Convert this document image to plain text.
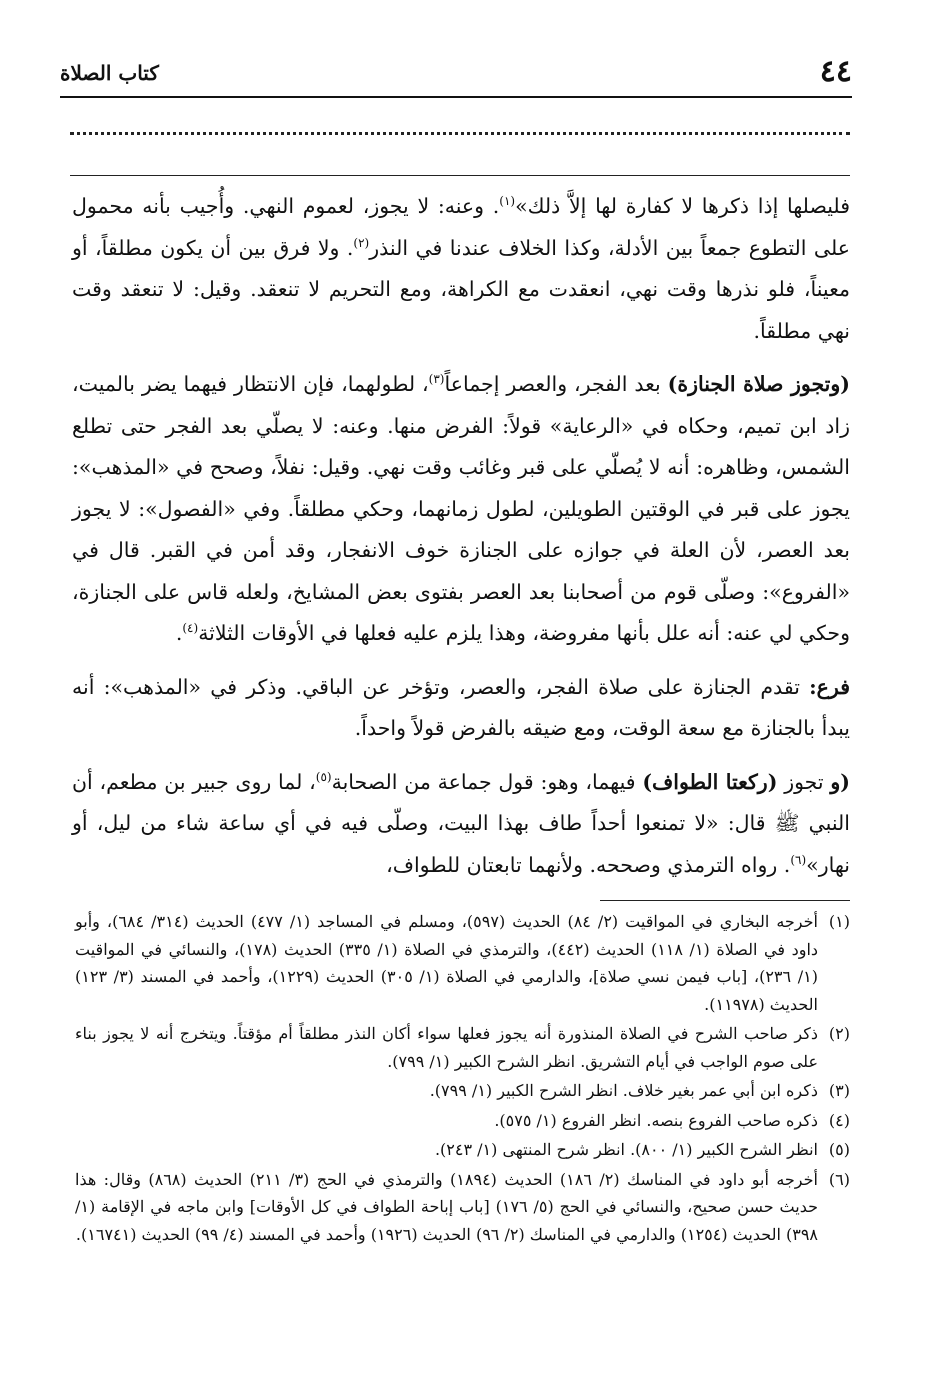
٤٤
كتاب الصلاة

فليصلها إذا ذكرها لا كفارة لها إلاَّ ذلك»$^{(١)}$. وعنه: لا يجوز، لعموم النهي. وأُجيب بأنه محمول على التطوع جمعاً بين الأدلة، وكذا الخلاف عندنا في النذر$^{(٢)}$. ولا فرق بين أن يكون مطلقاً، أو معيناً، فلو نذرها وقت نهي، انعقدت مع الكراهة، ومع التحريم لا تنعقد. وقيل: لا تنعقد وقت نهي مطلقاً.

(وتجوز صلاة الجنازة) بعد الفجر، والعصر إجماعاً$^{(٣)}$، لطولهما، فإن الانتظار فيهما يضر بالميت، زاد ابن تميم، وحكاه في «الرعاية» قولاً: الفرض منها. وعنه: لا يصلّي بعد الفجر حتى تطلع الشمس، وظاهره: أنه لا يُصلّي على قبر وغائب وقت نهي. وقيل: نفلاً، وصحح في «المذهب»: يجوز على قبر في الوقتين الطويلين، لطول زمانهما، وحكي مطلقاً. وفي «الفصول»: لا يجوز بعد العصر، لأن العلة في جوازه على الجنازة خوف الانفجار، وقد أمن في القبر. قال في «الفروع»: وصلّى قوم من أصحابنا بعد العصر بفتوى بعض المشايخ، ولعله قاس على الجنازة، وحكي لي عنه: أنه علل بأنها مفروضة، وهذا يلزم عليه فعلها في الأوقات الثلاثة$^{(٤)}$.

فرع: تقدم الجنازة على صلاة الفجر، والعصر، وتؤخر عن الباقي. وذكر في «المذهب»: أنه يبدأ بالجنازة مع سعة الوقت، ومع ضيقه بالفرض قولاً واحداً.

(و تجوز (ركعتا الطواف) فيهما، وهو: قول جماعة من الصحابة$^{(٥)}$، لما روى جبير بن مطعم، أن النبي ﷺ قال: «لا تمنعوا أحداً طاف بهذا البيت، وصلّى فيه في أي ساعة شاء من ليل، أو نهار»$^{(٦)}$. رواه الترمذي وصححه. ولأنهما تابعتان للطواف،

(١)
أخرجه البخاري في المواقيت (٢/ ٨٤) الحديث (٥٩٧)، ومسلم في المساجد (١/ ٤٧٧) الحديث (٣١٤/ ٦٨٤)، وأبو داود في الصلاة (١/ ١١٨) الحديث (٤٤٢)، والترمذي في الصلاة (١/ ٣٣٥) الحديث (١٧٨)، والنسائي في المواقيت (١/ ٢٣٦)، [باب فيمن نسي صلاة]، والدارمي في الصلاة (١/ ٣٠٥) الحديث (١٢٢٩)، وأحمد في المسند (٣/ ١٢٣) الحديث (١١٩٧٨).
(٢)
ذكر صاحب الشرح في الصلاة المنذورة أنه يجوز فعلها سواء أكان النذر مطلقاً أم مؤقتاً. ويتخرج أنه لا يجوز بناء على صوم الواجب في أيام التشريق. انظر الشرح الكبير (١/ ٧٩٩).
(٣)
ذكره ابن أبي عمر بغير خلاف. انظر الشرح الكبير (١/ ٧٩٩).
(٤)
ذكره صاحب الفروع بنصه. انظر الفروع (١/ ٥٧٥).
(٥)
انظر الشرح الكبير (١/ ٨٠٠). انظر شرح المنتهى (١/ ٢٤٣).
(٦)
أخرجه أبو داود في المناسك (٢/ ١٨٦) الحديث (١٨٩٤) والترمذي في الحج (٣/ ٢١١) الحديث (٨٦٨) وقال: هذا حديث حسن صحيح، والنسائي في الحج (٥/ ١٧٦) [باب إباحة الطواف في كل الأوقات] وابن ماجه في الإقامة (١/ ٣٩٨) الحديث (١٢٥٤) والدارمي في المناسك (٢/ ٩٦) الحديث (١٩٢٦) وأحمد في المسند (٤/ ٩٩) الحديث (١٦٧٤١).
